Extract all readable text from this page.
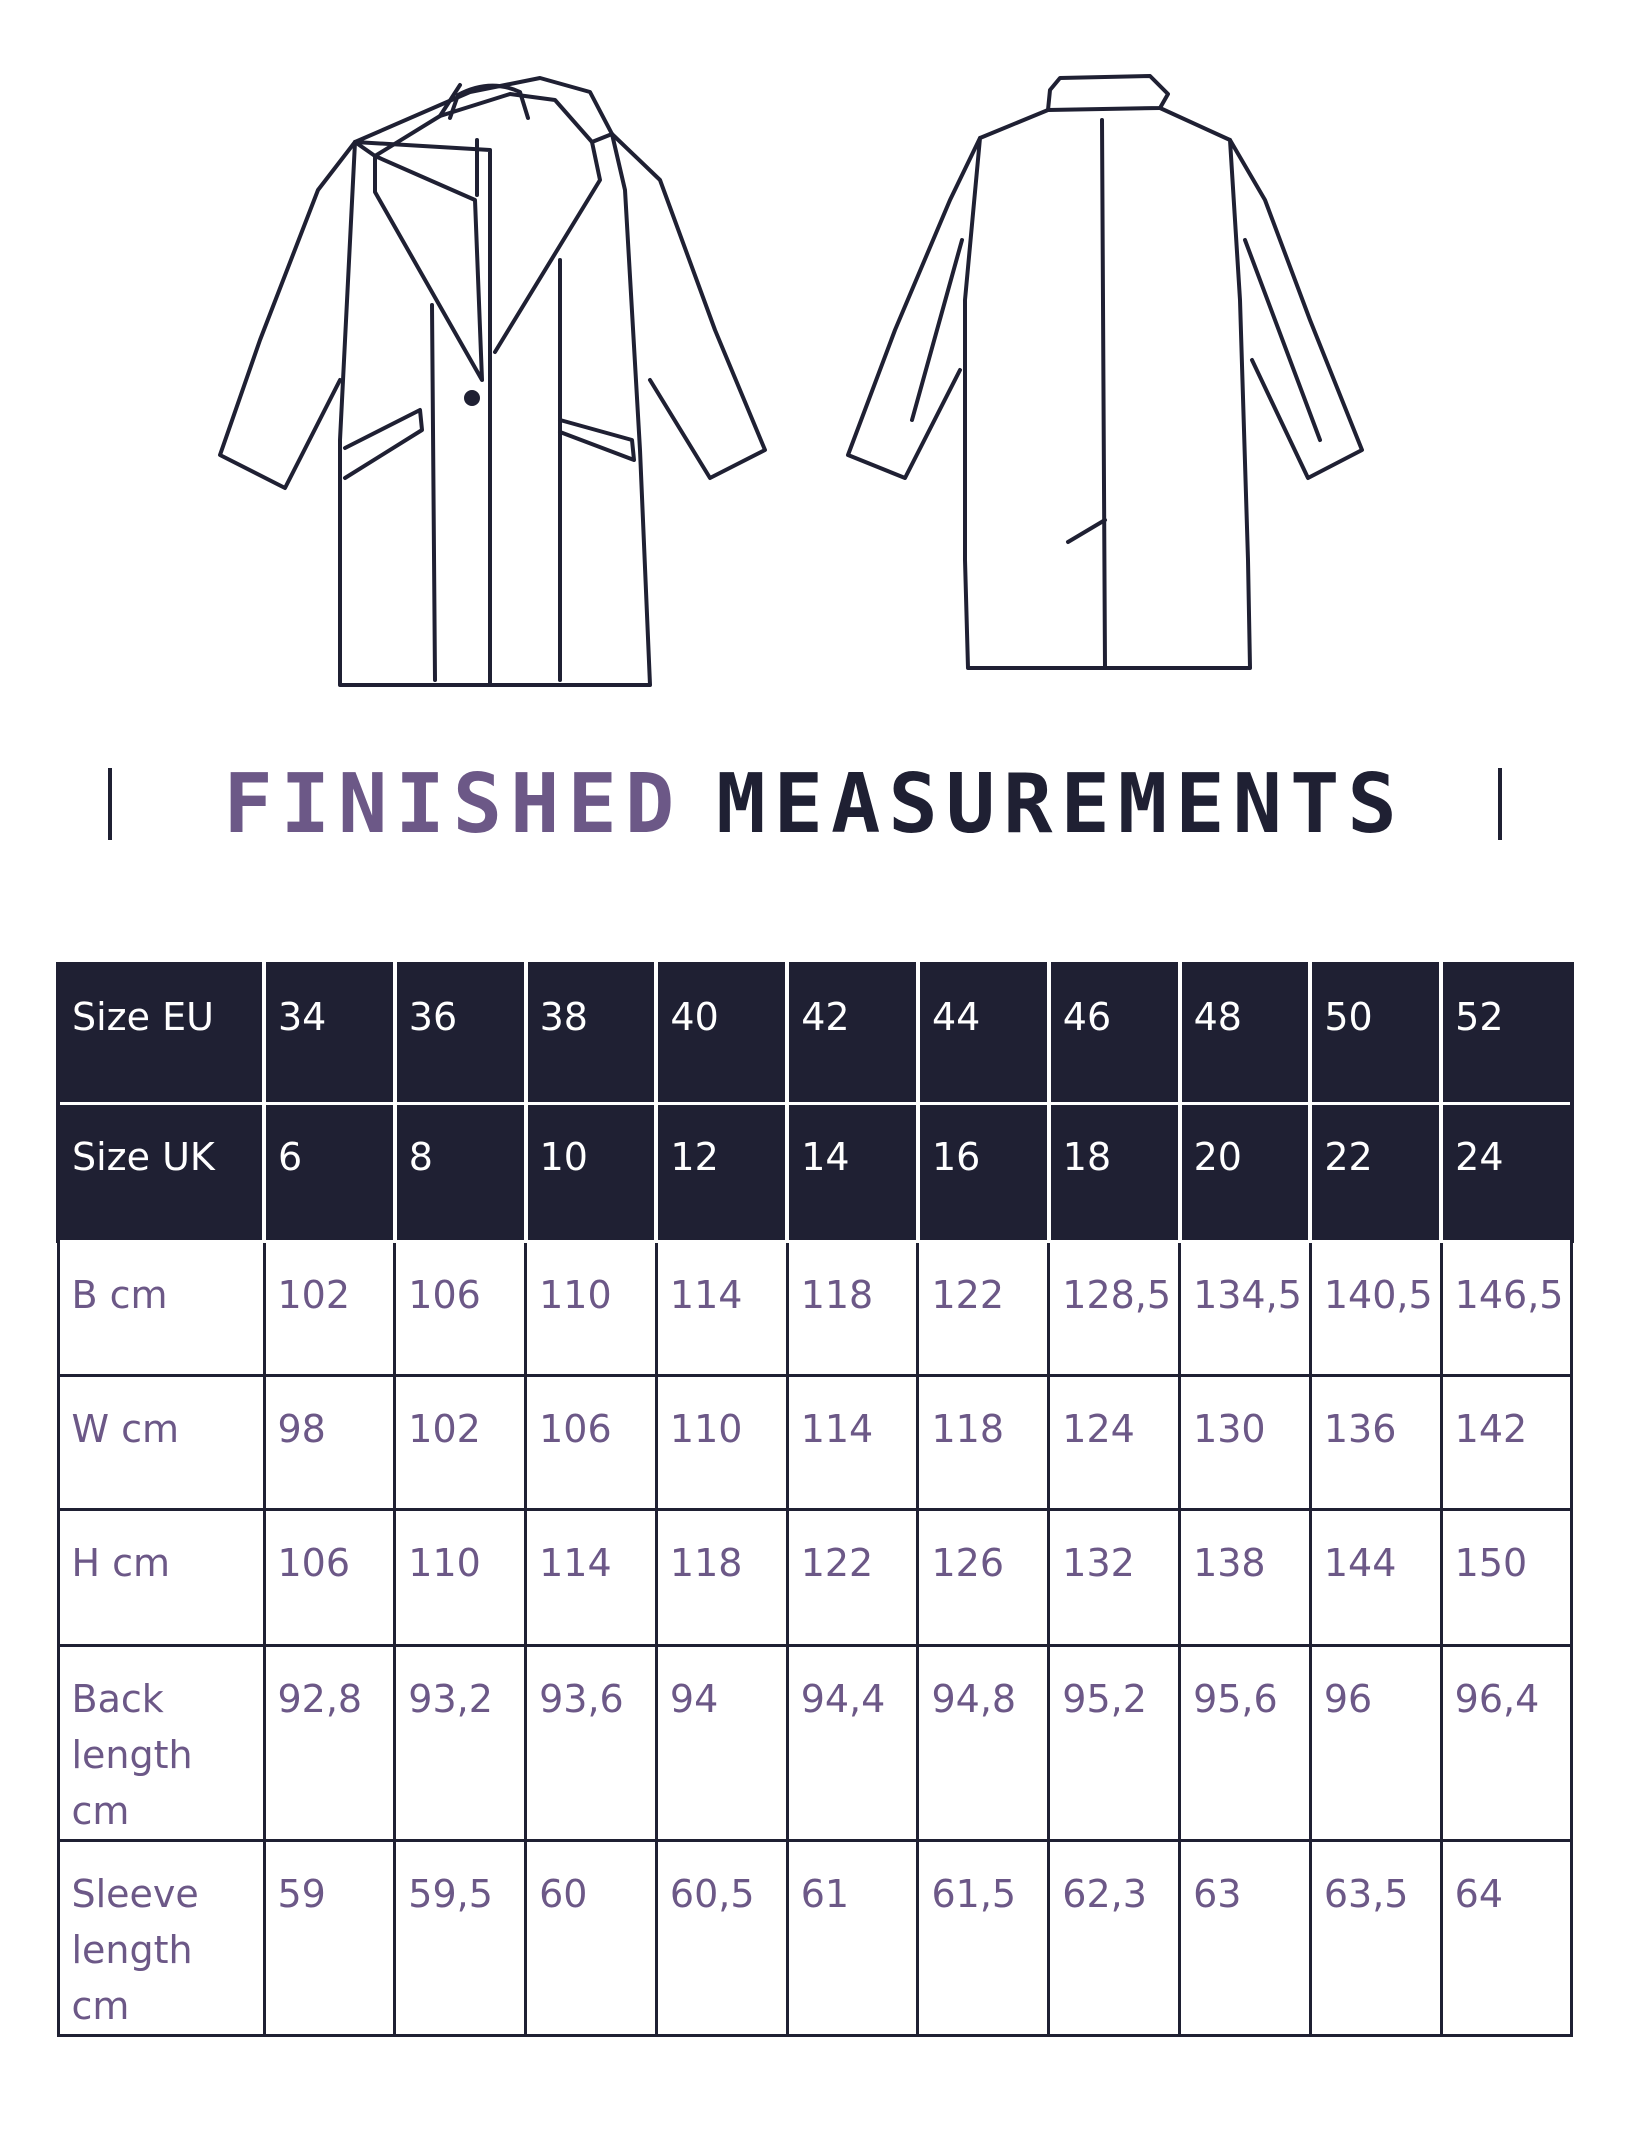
FINISHED MEASUREMENTS
Size EU	34	36	38	40	42	44	46	48	50	52
Size UK	6	8	10	12	14	16	18	20	22	24
B cm	102	106	110	114	118	122	128,5	134,5	140,5	146,5
W cm	98	102	106	110	114	118	124	130	136	142
H cm	106	110	114	118	122	126	132	138	144	150
Back length cm	92,8	93,2	93,6	94	94,4	94,8	95,2	95,6	96	96,4
Sleeve length cm	59	59,5	60	60,5	61	61,5	62,3	63	63,5	64
